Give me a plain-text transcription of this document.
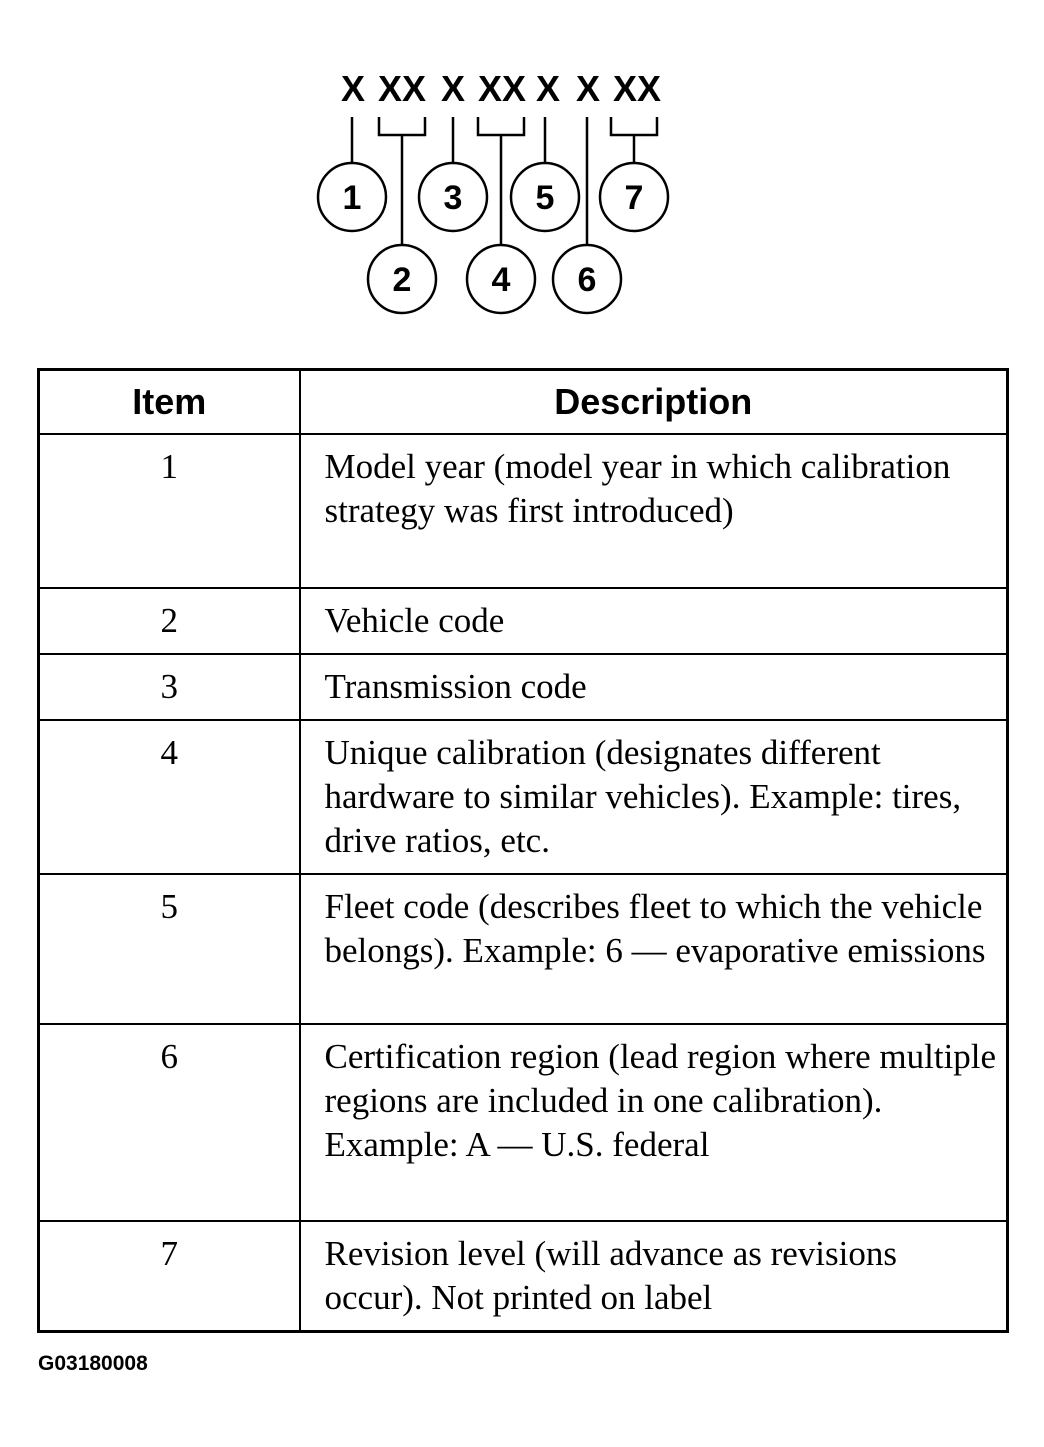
X XX X XX X X XX
1 3 5 7
2 4 6
Item	Description
1	Model year (model year in which calibration strategy was first introduced)
2	Vehicle code
3	Transmission code
4	Unique calibration (designates different hardware to similar vehicles). Example: tires, drive ratios, etc.
5	Fleet code (describes fleet to which the vehicle belongs). Example: 6 — evaporative emissions
6	Certification region (lead region where multiple regions are included in one calibration). Example: A — U.S. federal
7	Revision level (will advance as revisions occur). Not printed on label
G03180008
